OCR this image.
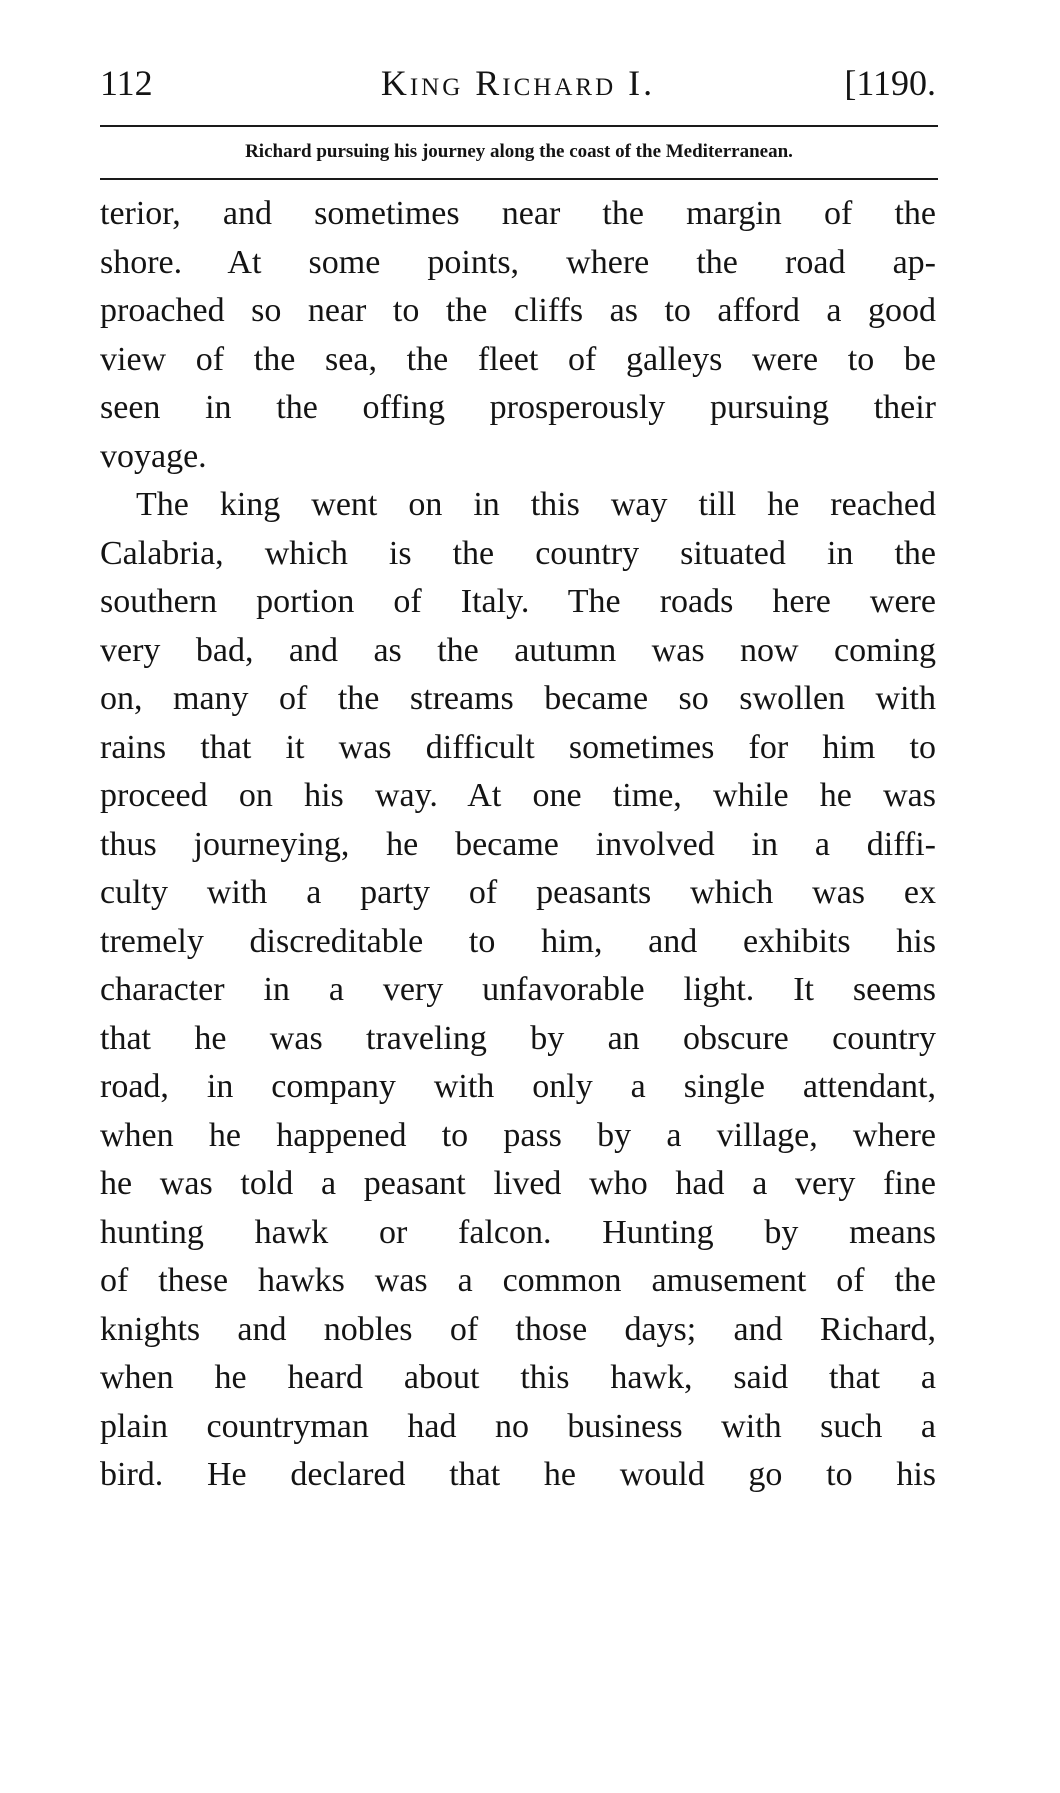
112	King Richard I.	[1190.
Richard pursuing his journey along the coast of the Mediterranean.
terior, and sometimes near the margin of the
shore. At some points, where the road ap-
proached so near to the cliffs as to afford a good
view of the sea, the fleet of galleys were to be
seen in the offing prosperously pursuing their
voyage.
The king went on in this way till he reached
Calabria, which is the country situated in the
southern portion of Italy. The roads here were
very bad, and as the autumn was now coming
on, many of the streams became so swollen with
rains that it was difficult sometimes for him to
proceed on his way. At one time, while he was
thus journeying, he became involved in a diffi-
culty with a party of peasants which was ex
tremely discreditable to him, and exhibits his
character in a very unfavorable light. It seems
that he was traveling by an obscure country
road, in company with only a single attendant,
when he happened to pass by a village, where
he was told a peasant lived who had a very fine
hunting hawk or falcon. Hunting by means
of these hawks was a common amusement of the
knights and nobles of those days; and Richard,
when he heard about this hawk, said that a
plain countryman had no business with such a
bird. He declared that he would go to his
